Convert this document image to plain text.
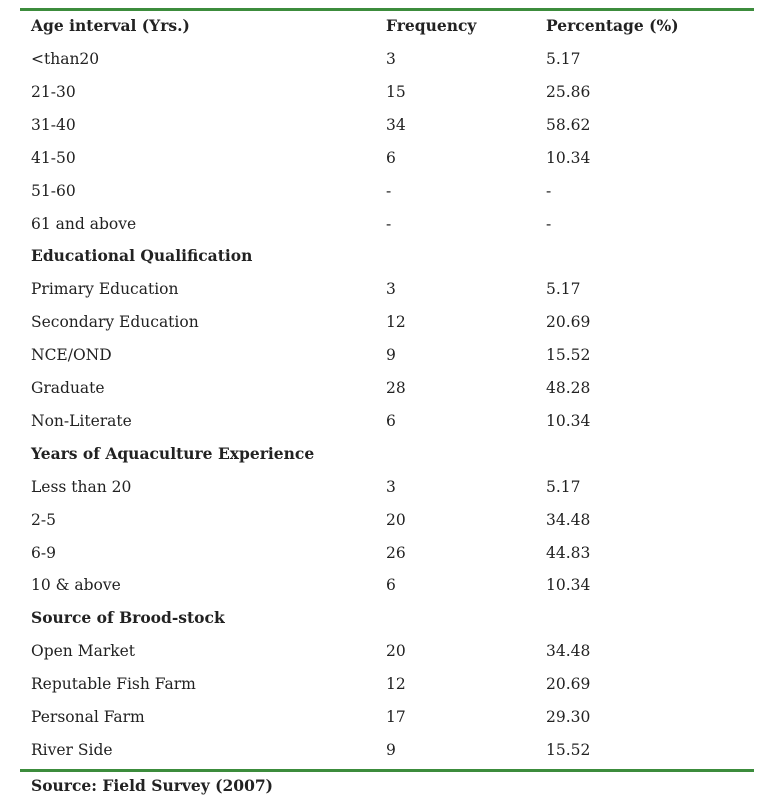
Age interval (Yrs.)	Frequency	Percentage (%)
<than20	3	5.17
21-30	15	25.86
31-40	34	58.62
41-50	6	10.34
51-60	-	-
61 and above	-	-
Educational Qualification
Primary Education	3	5.17
Secondary Education	12	20.69
NCE/OND	9	15.52
Graduate	28	48.28
Non-Literate	6	10.34
Years of Aquaculture Experience
Less than 20	3	5.17
2-5	20	34.48
6-9	26	44.83
10 & above	6	10.34
Source of Brood-stock
Open Market	20	34.48
Reputable Fish Farm	12	20.69
Personal Farm	17	29.30
River Side	9	15.52
Source: Field Survey (2007)
